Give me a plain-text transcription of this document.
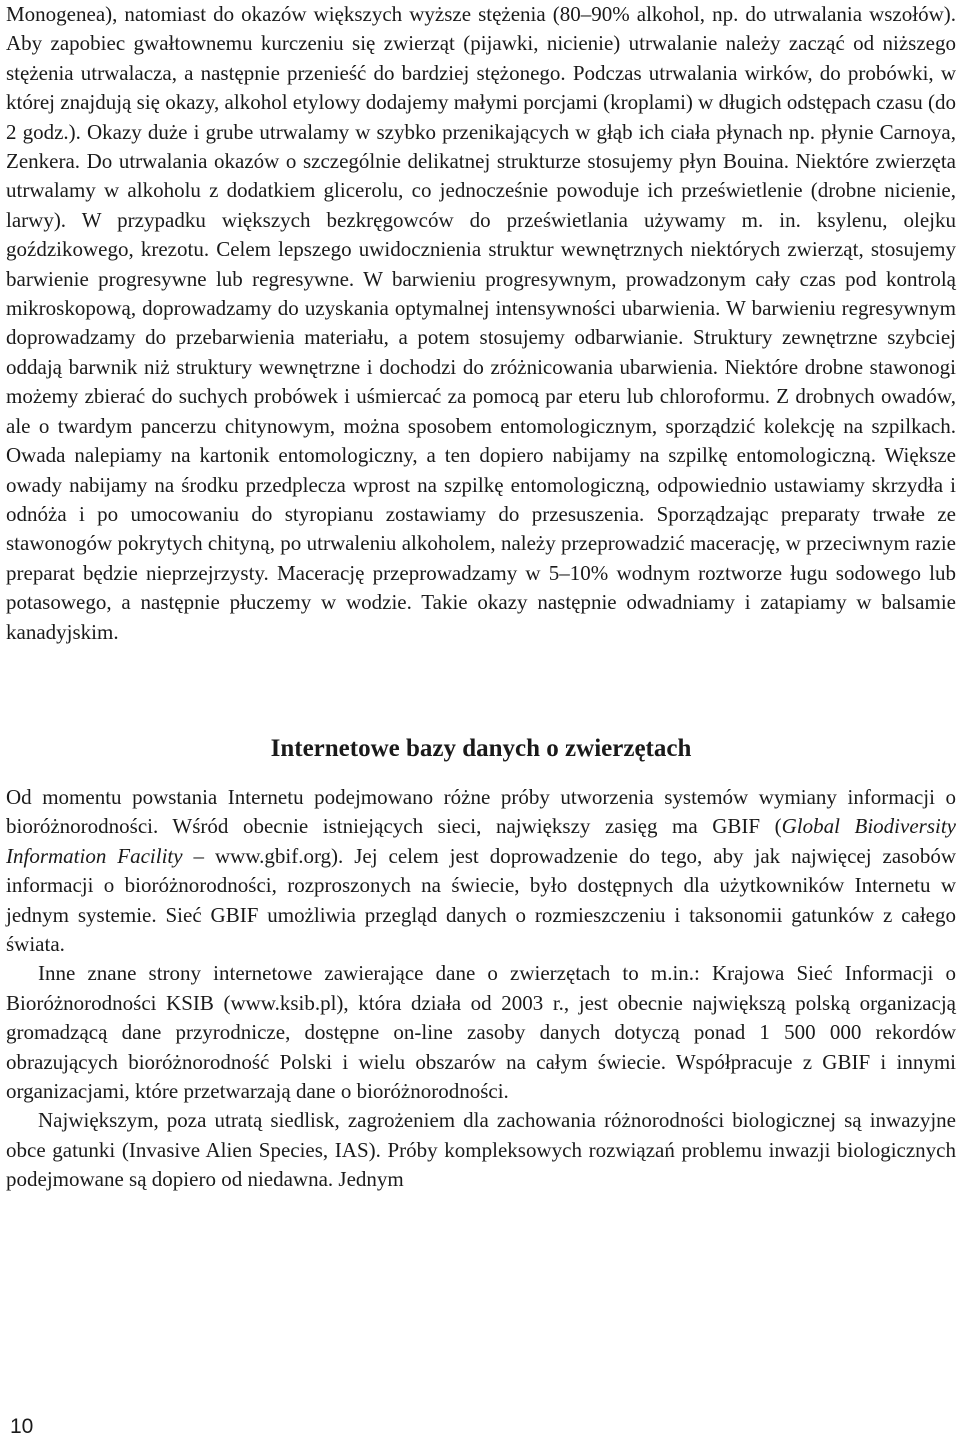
Monogenea), natomiast do okazów większych wyższe stężenia (80–90% alkohol, np. do utrwalania wszołów). Aby zapobiec gwałtownemu kurczeniu się zwierząt (pijawki, nicienie) utrwalanie należy zacząć od niższego stężenia utrwalacza, a następnie przenieść do bardziej stężonego. Podczas utrwalania wirków, do probówki, w której znajdują się okazy, alkohol etylowy dodajemy małymi porcjami (kroplami) w długich odstępach czasu (do 2 godz.). Okazy duże i grube utrwalamy w szybko przenikających w głąb ich ciała płynach np. płynie Carnoya, Zenkera. Do utrwalania okazów o szczególnie delikatnej strukturze stosujemy płyn Bouina. Niektóre zwierzęta utrwalamy w alkoholu z dodatkiem glicerolu, co jednocześnie powoduje ich prześwietlenie (drobne nicienie, larwy). W przypadku większych bezkręgowców do prześwietlania używamy m. in. ksylenu, olejku goździkowego, krezotu. Celem lepszego uwidocznienia struktur wewnętrznych niektórych zwierząt, stosujemy barwienie progresywne lub regresywne. W barwieniu progresywnym, prowadzonym cały czas pod kontrolą mikroskopową, doprowadzamy do uzyskania optymalnej intensywności ubarwienia. W barwieniu regresywnym doprowadzamy do przebarwienia materiału, a potem stosujemy odbarwianie. Struktury zewnętrzne szybciej oddają barwnik niż struktury wewnętrzne i dochodzi do zróżnicowania ubarwienia. Niektóre drobne stawonogi możemy zbierać do suchych probówek i uśmiercać za pomocą par eteru lub chloroformu. Z drobnych owadów, ale o twardym pancerzu chitynowym, można sposobem entomologicznym, sporządzić kolekcję na szpilkach. Owada nalepiamy na kartonik entomologiczny, a ten dopiero nabijamy na szpilkę entomologiczną. Większe owady nabijamy na środku przedplecza wprost na szpilkę entomologiczną, odpowiednio ustawiamy skrzydła i odnóża i po umocowaniu do styropianu zostawiamy do przesuszenia. Sporządzając preparaty trwałe ze stawonogów pokrytych chityną, po utrwaleniu alkoholem, należy przeprowadzić macerację, w przeciwnym razie preparat będzie nieprzejrzysty. Macerację przeprowadzamy w 5–10% wodnym roztworze ługu sodowego lub potasowego, a następnie płuczemy w wodzie. Takie okazy następnie odwadniamy i zatapiamy w balsamie kanadyjskim.

Internetowe bazy danych o zwierzętach

Od momentu powstania Internetu podejmowano różne próby utworzenia systemów wymiany informacji o bioróżnorodności. Wśród obecnie istniejących sieci, największy zasięg ma GBIF (Global Biodiversity Information Facility – www.gbif.org). Jej celem jest doprowadzenie do tego, aby jak najwięcej zasobów informacji o bioróżnorodności, rozproszonych na świecie, było dostępnych dla użytkowników Internetu w jednym systemie. Sieć GBIF umożliwia przegląd danych o rozmieszczeniu i taksonomii gatunków z całego świata.

Inne znane strony internetowe zawierające dane o zwierzętach to m.in.: Krajowa Sieć Informacji o Bioróżnorodności KSIB (www.ksib.pl), która działa od 2003 r., jest obecnie największą polską organizacją gromadzącą dane przyrodnicze, dostępne on-line zasoby danych dotyczą ponad 1 500 000 rekordów obrazujących bioróżnorodność Polski i wielu obszarów na całym świecie. Współpracuje z GBIF i innymi organizacjami, które przetwarzają dane o bioróżnorodności.

Największym, poza utratą siedlisk, zagrożeniem dla zachowania różnorodności biologicznej są inwazyjne obce gatunki (Invasive Alien Species, IAS). Próby kompleksowych rozwiązań problemu inwazji biologicznych podejmowane są dopiero od niedawna. Jednym

10
